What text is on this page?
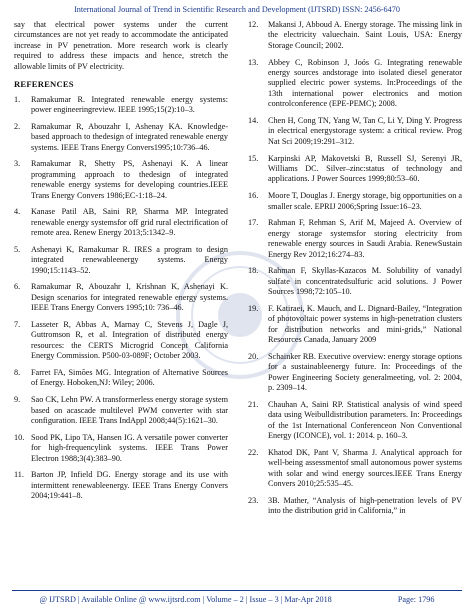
International Journal of Trend in Scientific Research and Development (IJTSRD) ISSN: 2456-6470

say that electrical power systems under the current circumstances are not yet ready to accommodate the anticipated increase in PV penetration. More research work is clearly required to address these impacts and hence, stretch the allowable limits of PV electricity.

REFERENCES
1. Ramakumar R. Integrated renewable energy systems: power engineeringreview. IEEE 1995;15(2):10–3.
2. Ramakumar R, Abouzahr I, Ashenay KA. Knowledge-based approach to thedesign of integrated renewable energy systems. IEEE Trans Energy Convers1995;10:736–46.
3. Ramakumar R, Shetty PS, Ashenayi K. A linear programming approach to thedesign of integrated renewable energy systems for developing countries.IEEE Trans Energy Convers 1986;EC-1:18–24.
4. Kanase Patil AB, Saini RP, Sharma MP. Integrated renewable energy systemsfor off grid rural electrification of remote area. Renew Energy 2013;5:1342–9.
5. Ashenayi K, Ramakumar R. IRES a program to design integrated renewableenergy systems. Energy 1990;15:1143–52.
6. Ramakumar R, Abouzahr I, Krishnan K, Ashenayi K. Design scenarios for integrated renewable energy systems. IEEE Trans Energy Convers 1995;10: 736–46.
7. Lasseter R, Abbas A, Marnay C, Stevens J, Dagle J, Guttromson R, et al. Integration of distributed energy resources: the CERTS Microgrid Concept California Energy Commission. P500-03-089F; October 2003.
8. Farret FA, Simões MG. Integration of Alternative Sources of Energy. Hoboken,NJ: Wiley; 2006.
9. Sao CK, Lehn PW. A transformerless energy storage system based on acascade multilevel PWM converter with star configuration. IEEE Trans IndAppl 2008;44(5):1621–30.
10. Sood PK, Lipo TA, Hansen IG. A versatile power converter for high-frequencylink systems. IEEE Trans Power Electron 1988;3(4):383–90.
11. Barton JP, Infield DG. Energy storage and its use with intermittent renewableenergy. IEEE Trans Energy Convers 2004;19:441–8.
12. Makansi J, Abboud A. Energy storage. The missing link in the electricity valuechain. Saint Louis, USA: Energy Storage Council; 2002.
13. Abbey C, Robinson J, Joós G. Integrating renewable energy sources andstorage into isolated diesel generator supplied electric power systems. In:Proceedings of the 13th international power electronics and motion controlconference (EPE-PEMC); 2008.
14. Chen H, Cong TN, Yang W, Tan C, Li Y, Ding Y. Progress in electrical energystorage system: a critical review. Prog Nat Sci 2009;19:291–312.
15. Karpinski AP, Makovetski B, Russell SJ, Serenyi JR, Williams DC. Silver–zinc:status of technology and applications. J Power Sources 1999;80:53–60.
16. Moore T, Douglas J. Energy storage, big opportunities on a smaller scale. EPRIJ 2006;Spring Issue:16–23.
17. Rahman F, Rehman S, Arif M, Majeed A. Overview of energy storage systemsfor storing electricity from renewable energy sources in Saudi Arabia. RenewSustain Energy Rev 2012;16:274–83.
18. Rahman F, Skyllas-Kazacos M. Solubility of vanadyl sulfate in concentratedsulfuric acid solutions. J Power Sources 1998;72:105–10.
19. F. Katiraei, K. Mauch, and L. Dignard-Bailey, “Integration of photovoltaic power systems in high-penetration clusters for distribution networks and mini-grids,” National Resources Canada, January 2009
20. Schainker RB. Executive overview: energy storage options for a sustainableenergy future. In: Proceedings of the Power Engineering Society generalmeeting, vol. 2: 2004, p. 2309–14.
21. Chauhan A, Saini RP. Statistical analysis of wind speed data using Weibulldistribution parameters. In: Proceedings of the 1st International Conferenceon Non Conventional Energy (ICONCE), vol. 1: 2014. p. 160–3.
22. Khatod DK, Pant V, Sharma J. Analytical approach for well-being assessmentof small autonomous power systems with solar and wind energy sources.IEEE Trans Energy Convers 2010;25:535–45.
23. 3B. Mather, “Analysis of high-penetration levels of PV into the distribution grid in California,” in
@ IJTSRD | Available Online @ www.ijtsrd.com | Volume – 2 | Issue – 3 | Mar-Apr 2018	Page: 1796
